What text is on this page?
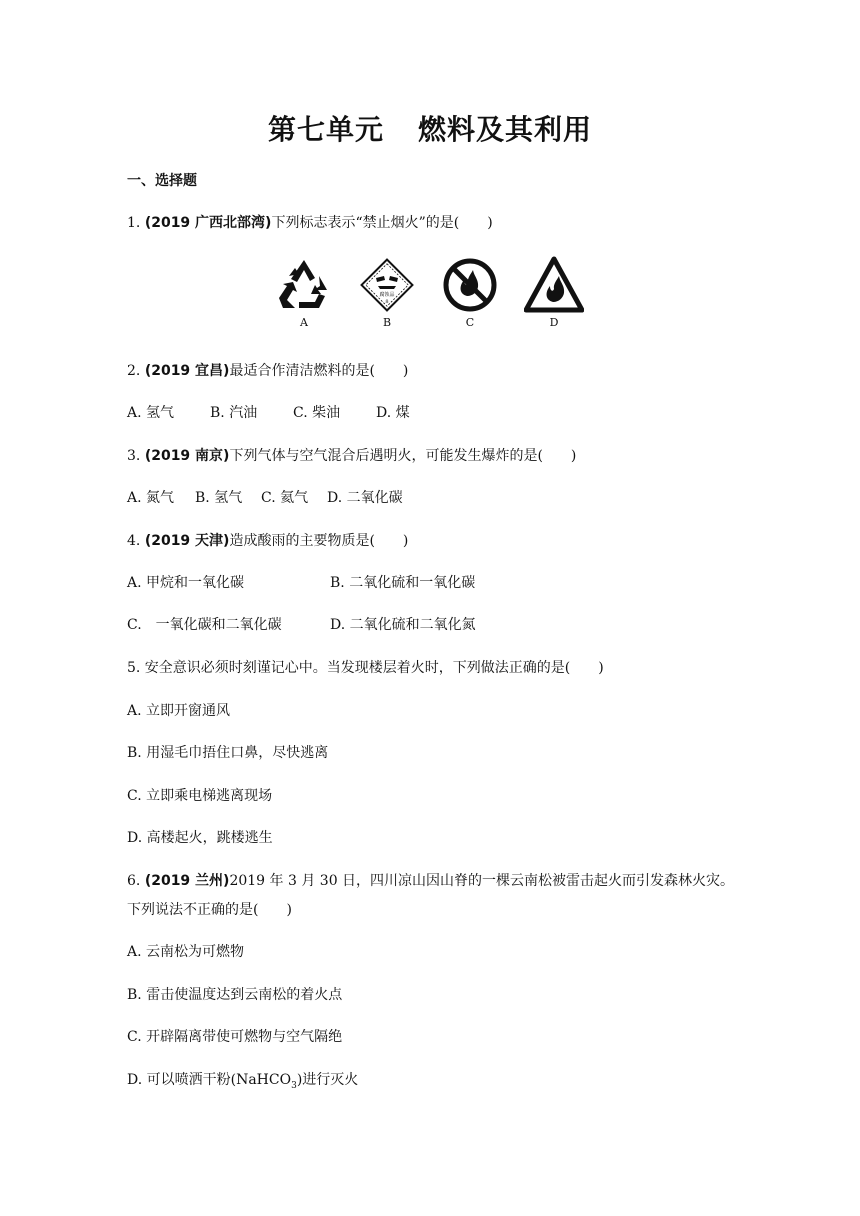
第七单元 燃料及其利用
一、选择题
1. (2019 广西北部湾)下列标志表示“禁止烟火”的是(　　)
A
腐蚀品
8
B	C	D
2. (2019 宜昌)最适合作清洁燃料的是(　　)
A. 氢气	B. 汽油	C. 柴油	D. 煤
3. (2019 南京)下列气体与空气混合后遇明火，可能发生爆炸的是(　　)
A. 氮气 B. 氢气 C. 氦气 D. 二氧化碳
4. (2019 天津)造成酸雨的主要物质是(　　)
A. 甲烷和一氧化碳	B. 二氧化硫和一氧化碳
C.　一氧化碳和二氧化碳	D. 二氧化硫和二氧化氮
5. 安全意识必须时刻谨记心中。当发现楼层着火时，下列做法正确的是(　　)
A. 立即开窗通风
B. 用湿毛巾捂住口鼻，尽快逃离
C. 立即乘电梯逃离现场
D. 高楼起火，跳楼逃生
6. (2019 兰州)2019 年 3 月 30 日，四川凉山因山脊的一棵云南松被雷击起火而引发森林火灾。
下列说法不正确的是(　　)
A. 云南松为可燃物
B. 雷击使温度达到云南松的着火点
C. 开辟隔离带使可燃物与空气隔绝
D. 可以喷洒干粉(NaHCO$_3$)进行灭火
